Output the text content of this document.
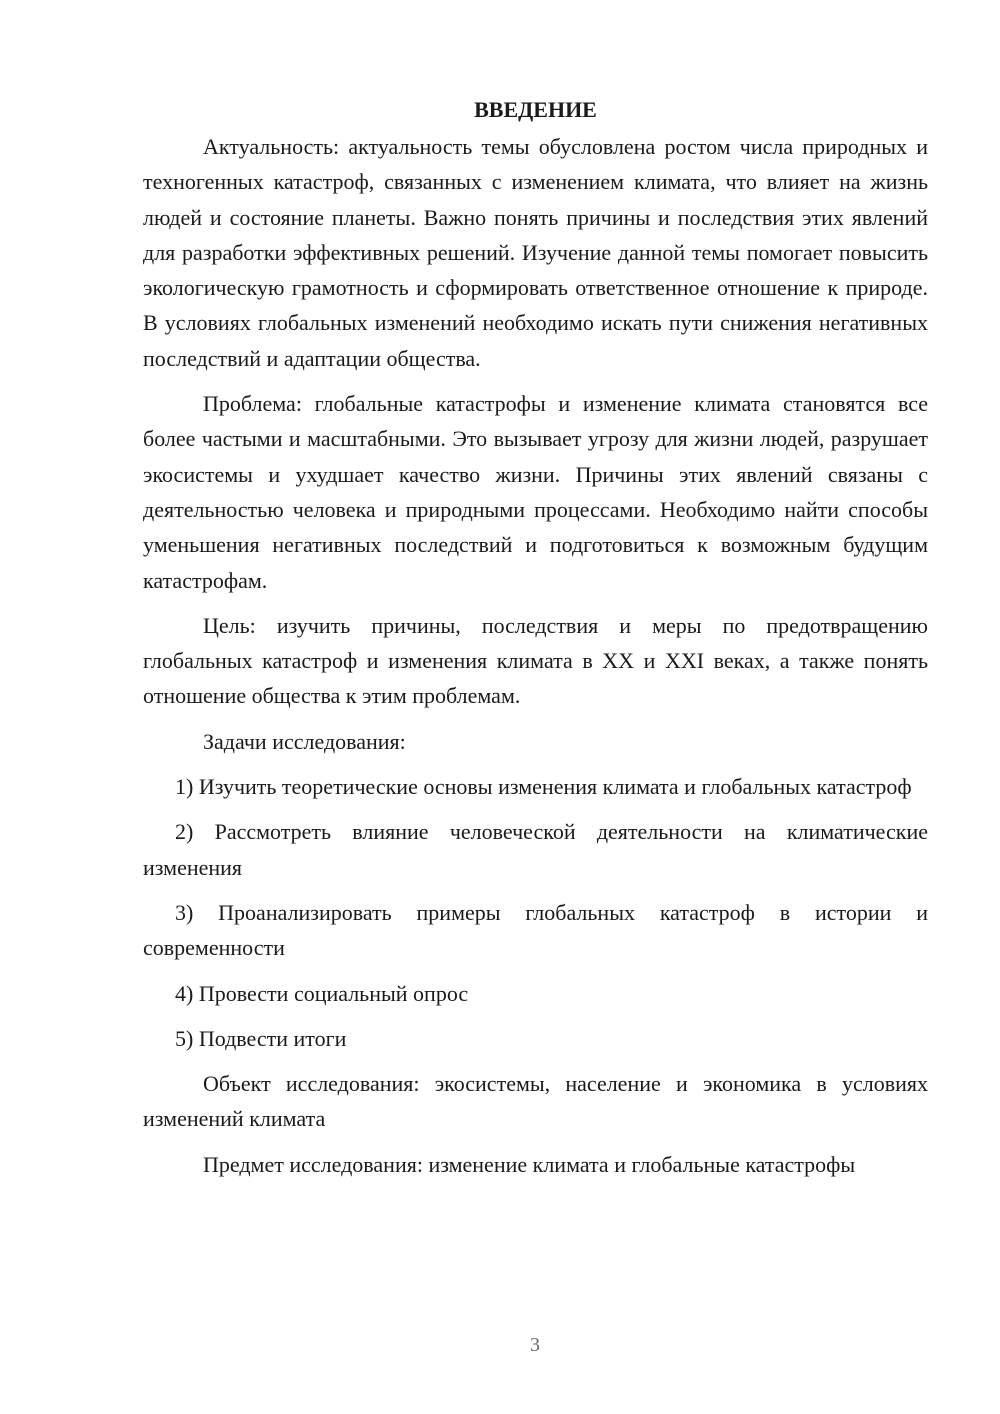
ВВЕДЕНИЕ

Актуальность: актуальность темы обусловлена ростом числа природных и техногенных катастроф, связанных с изменением климата, что влияет на жизнь людей и состояние планеты. Важно понять причины и последствия этих явлений для разработки эффективных решений. Изучение данной темы помогает повысить экологическую грамотность и сформировать ответственное отношение к природе. В условиях глобальных изменений необходимо искать пути снижения негативных последствий и адаптации общества.

Проблема: глобальные катастрофы и изменение климата становятся все более частыми и масштабными. Это вызывает угрозу для жизни людей, разрушает экосистемы и ухудшает качество жизни. Причины этих явлений связаны с деятельностью человека и природными процессами. Необходимо найти способы уменьшения негативных последствий и подготовиться к возможным будущим катастрофам.

Цель: изучить причины, последствия и меры по предотвращению глобальных катастроф и изменения климата в XX и XXI веках, а также понять отношение общества к этим проблемам.

Задачи исследования:

1) Изучить теоретические основы изменения климата и глобальных катастроф

2) Рассмотреть влияние человеческой деятельности на климатические изменения

3) Проанализировать примеры глобальных катастроф в истории и современности

4) Провести социальный опрос

5) Подвести итоги

Объект исследования: экосистемы, население и экономика в условиях изменений климата

Предмет исследования: изменение климата и глобальные катастрофы

3
